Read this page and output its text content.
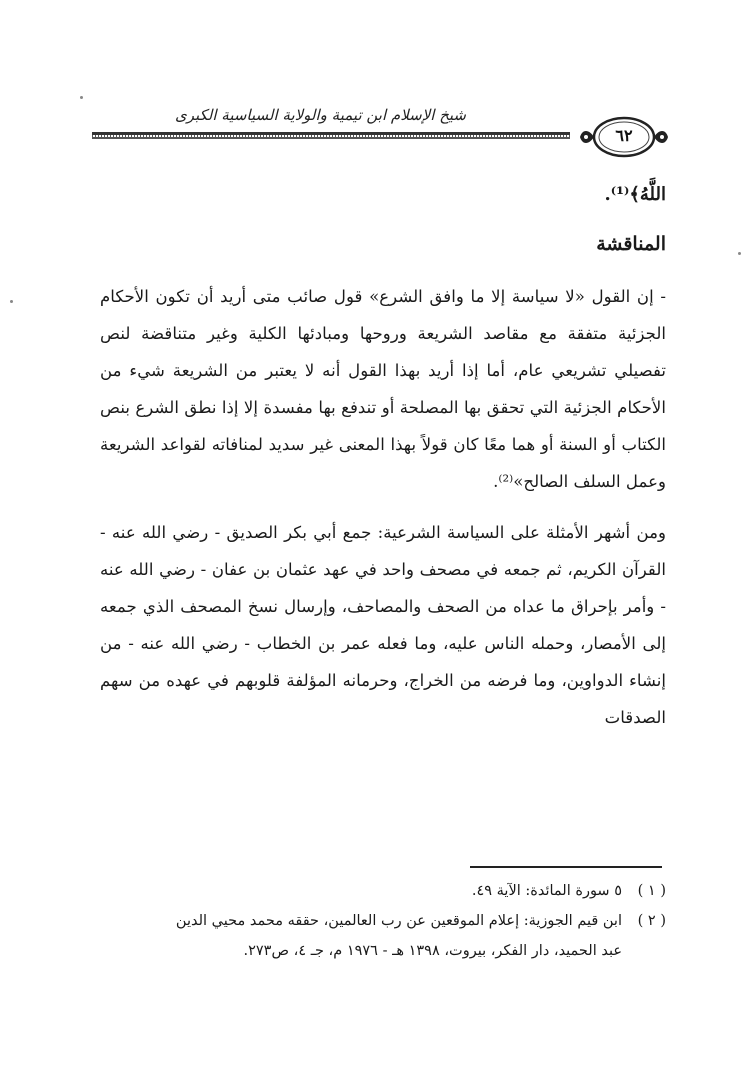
شيخ الإسلام ابن تيمية والولاية السياسية الكبرى
٦٢
اللَّهُ﴾⁽¹⁾.
المناقشة
- إن القول «لا سياسة إلا ما وافق الشرع» قول صائب متى أريد أن تكون الأحكام الجزئية متفقة مع مقاصد الشريعة وروحها ومبادئها الكلية وغير متناقضة لنص تفصيلي تشريعي عام، أما إذا أريد بهذا القول أنه لا يعتبر من الشريعة شيء من الأحكام الجزئية التي تحقق بها المصلحة أو تندفع بها مفسدة إلا إذا نطق الشرع بنص الكتاب أو السنة أو هما معًا كان قولاً بهذا المعنى غير سديد لمنافاته لقواعد الشريعة وعمل السلف الصالح»⁽²⁾.
ومن أشهر الأمثلة على السياسة الشرعية: جمع أبي بكر الصديق - رضي الله عنه - القرآن الكريم، ثم جمعه في مصحف واحد في عهد عثمان بن عفان - رضي الله عنه - وأمر بإحراق ما عداه من الصحف والمصاحف، وإرسال نسخ المصحف الذي جمعه إلى الأمصار، وحمله الناس عليه، وما فعله عمر بن الخطاب - رضي الله عنه - من إنشاء الدواوين، وما فرضه من الخراج، وحرمانه المؤلفة قلوبهم في عهده من سهم الصدقات
( ١ )٥ سورة المائدة: الآية ٤٩.
( ٢ )ابن قيم الجوزية: إعلام الموقعين عن رب العالمين، حققه محمد محيي الدين
عبد الحميد، دار الفكر، بيروت، ١٣٩٨ هـ - ١٩٧٦ م، جـ ٤، ص٢٧٣.
